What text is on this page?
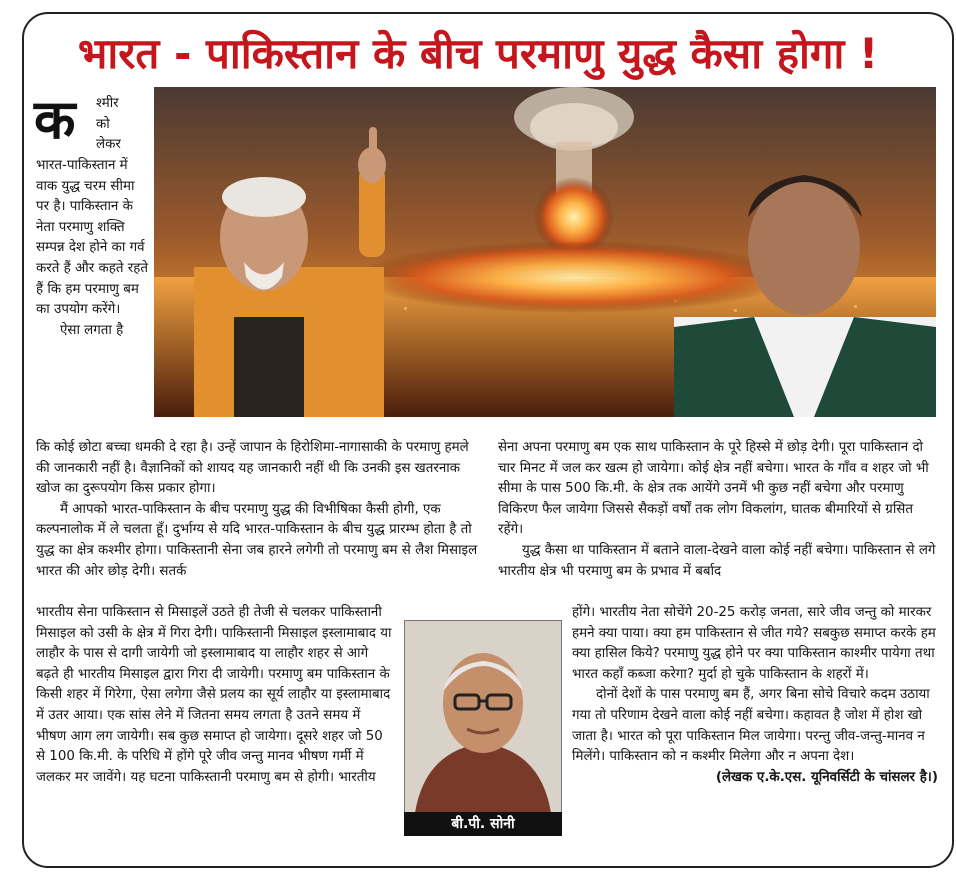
भारत - पाकिस्तान के बीच परमाणु युद्ध कैसा होगा !
क श्मीर

को

लेकर

भारत-पाकिस्तान में वाक युद्ध चरम सीमा पर है। पाकिस्तान के नेता परमाणु शक्ति सम्पन्न देश होने का गर्व करते हैं और कहते रहते हैं कि हम परमाणु बम का उपयोग करेंगे।

ऐसा लगता है

कि कोई छोटा बच्चा धमकी दे रहा है। उन्हें जापान के हिरोशिमा-नागासाकी के परमाणु हमले की जानकारी नहीं है। वैज्ञानिकों को शायद यह जानकारी नहीं थी कि उनकी इस खतरनाक खोज का दुरूपयोग किस प्रकार होगा।

मैं आपको भारत-पाकिस्तान के बीच परमाणु युद्ध की विभीषिका कैसी होगी, एक कल्पनालोक में ले चलता हूँ। दुर्भाग्य से यदि भारत-पाकिस्तान के बीच युद्ध प्रारम्भ होता है तो युद्ध का क्षेत्र कश्मीर होगा। पाकिस्तानी सेना जब हारने लगेगी तो परमाणु बम से लैश मिसाइल भारत की ओर छोड़ देगी। सतर्क

भारतीय सेना पाकिस्तान से मिसाइलें उठते ही तेजी से चलकर पाकिस्तानी मिसाइल को उसी के क्षेत्र में गिरा देगी। पाकिस्तानी मिसाइल इस्लामाबाद या लाहौर के पास से दागी जायेगी जो इस्लामाबाद या लाहौर शहर से आगे बढ़ते ही भारतीय मिसाइल द्वारा गिरा दी जायेगी। परमाणु बम पाकिस्तान के किसी शहर में गिरेगा, ऐसा लगेगा जैसे प्रलय का सूर्य लाहौर या इस्लामाबाद में उतर आया। एक सांस लेने में जितना समय लगता है उतने समय में भीषण आग लग जायेगी। सब कुछ समाप्त हो जायेगा। दूसरे शहर जो 50 से 100 कि.मी. के परिधि में होंगे पूरे जीव जन्तु मानव भीषण गर्मी में जलकर मर जावेंगे। यह घटना पाकिस्तानी परमाणु बम से होगी। भारतीय

बी.पी. सोनी

सेना अपना परमाणु बम एक साथ पाकिस्तान के पूरे हिस्से में छोड़ देगी। पूरा पाकिस्तान दो चार मिनट में जल कर खत्म हो जायेगा। कोई क्षेत्र नहीं बचेगा। भारत के गाँव व शहर जो भी सीमा के पास 500 कि.मी. के क्षेत्र तक आयेंगे उनमें भी कुछ नहीं बचेगा और परमाणु विकिरण फैल जायेगा जिससे सैकड़ों वर्षों तक लोग विकलांग, घातक बीमारियों से ग्रसित रहेंगे।

युद्ध कैसा था पाकिस्तान में बताने वाला-देखने वाला कोई नहीं बचेगा। पाकिस्तान से लगे भारतीय क्षेत्र भी परमाणु बम के प्रभाव में बर्बाद

होंगे। भारतीय नेता सोचेंगे 20-25 करोड़ जनता, सारे जीव जन्तु को मारकर हमने क्या पाया। क्या हम पाकिस्तान से जीत गये? सबकुछ समाप्त करके हम क्या हासिल किये? परमाणु युद्ध होने पर क्या पाकिस्तान काश्मीर पायेगा तथा भारत कहाँ कब्जा करेगा? मुर्दा हो चुके पाकिस्तान के शहरों में।

दोनों देशों के पास परमाणु बम हैं, अगर बिना सोचे विचारे कदम उठाया गया तो परिणाम देखने वाला कोई नहीं बचेगा। कहावत है जोश में होश खो जाता है। भारत को पूरा पाकिस्तान मिल जायेगा। परन्तु जीव-जन्तु-मानव न मिलेंगे। पाकिस्तान को न कश्मीर मिलेगा और न अपना देश।

(लेखक ए.के.एस. यूनिवर्सिटी के चांसलर है।)
